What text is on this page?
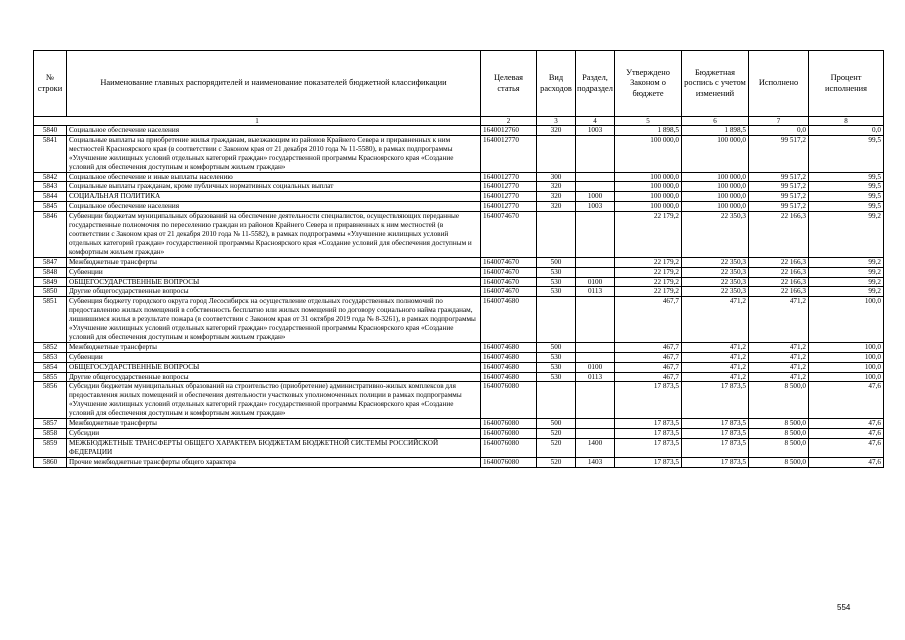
№ строки	Наименование главных распорядителей и наименование показателей бюджетной классификации	Целевая статья	Вид расходов	Раздел, подраздел	Утверждено Законом о бюджете	Бюджетная роспись с учетом изменений	Исполнено	Процент исполнения
1		2	3	4	5	6	7	8
5840	Социальное обеспечение населения	1640012760	320	1003	1 898,5	1 898,5	0,0	0,0
5841	Социальные выплаты на приобретение жилья гражданам, выезжающим из районов Крайнего Севера и приравненных к ним местностей Красноярского края (в соответствии с Законом края от 21 декабря 2010 года № 11-5580), в рамках подпрограммы «Улучшение жилищных условий отдельных категорий граждан» государственной программы Красноярского края «Создание условий для обеспечения доступным и комфортным жильем граждан»	1640012770			100 000,0	100 000,0	99 517,2	99,5
5842	Социальное обеспечение и иные выплаты населению	1640012770	300		100 000,0	100 000,0	99 517,2	99,5
5843	Социальные выплаты гражданам, кроме публичных нормативных социальных выплат	1640012770	320		100 000,0	100 000,0	99 517,2	99,5
5844	СОЦИАЛЬНАЯ ПОЛИТИКА	1640012770	320	1000	100 000,0	100 000,0	99 517,2	99,5
5845	Социальное обеспечение населения	1640012770	320	1003	100 000,0	100 000,0	99 517,2	99,5
5846	Субвенции бюджетам муниципальных образований на обеспечение деятельности специалистов, осуществляющих переданные государственные полномочия по переселению граждан из районов Крайнего Севера и приравненных к ним местностей (в соответствии с Законом края от 21 декабря 2010 года № 11-5582), в рамках подпрограммы «Улучшение жилищных условий отдельных категорий граждан» государственной программы Красноярского края «Создание условий для обеспечения доступным и комфортным жильем граждан»	1640074670			22 179,2	22 350,3	22 166,3	99,2
5847	Межбюджетные трансферты	1640074670	500		22 179,2	22 350,3	22 166,3	99,2
5848	Субвенции	1640074670	530		22 179,2	22 350,3	22 166,3	99,2
5849	ОБЩЕГОСУДАРСТВЕННЫЕ ВОПРОСЫ	1640074670	530	0100	22 179,2	22 350,3	22 166,3	99,2
5850	Другие общегосударственные вопросы	1640074670	530	0113	22 179,2	22 350,3	22 166,3	99,2
5851	Субвенция бюджету городского округа город Лесосибирск на осуществление отдельных государственных полномочий по предоставлению жилых помещений в собственность бесплатно или жилых помещений по договору социального найма гражданам, лишившимся жилья в результате пожара (в соответствии с Законом края от 31 октября 2019 года № 8-3261), в рамках подпрограммы «Улучшение жилищных условий отдельных категорий граждан» государственной программы Красноярского края «Создание условий для обеспечения доступным и комфортным жильем граждан»	1640074680			467,7	471,2	471,2	100,0
5852	Межбюджетные трансферты	1640074680	500		467,7	471,2	471,2	100,0
5853	Субвенции	1640074680	530		467,7	471,2	471,2	100,0
5854	ОБЩЕГОСУДАРСТВЕННЫЕ ВОПРОСЫ	1640074680	530	0100	467,7	471,2	471,2	100,0
5855	Другие общегосударственные вопросы	1640074680	530	0113	467,7	471,2	471,2	100,0
5856	Субсидии бюджетам муниципальных образований на строительство (приобретение) административно-жилых комплексов для предоставления жилых помещений и обеспечения деятельности участковых уполномоченных полиции в рамках подпрограммы «Улучшение жилищных условий отдельных категорий граждан» государственной программы Красноярского края «Создание условий для обеспечения доступным и комфортным жильем граждан»	1640076080			17 873,5	17 873,5	8 500,0	47,6
5857	Межбюджетные трансферты	1640076080	500		17 873,5	17 873,5	8 500,0	47,6
5858	Субсидии	1640076080	520		17 873,5	17 873,5	8 500,0	47,6
5859	МЕЖБЮДЖЕТНЫЕ ТРАНСФЕРТЫ ОБЩЕГО ХАРАКТЕРА БЮДЖЕТАМ БЮДЖЕТНОЙ СИСТЕМЫ РОССИЙСКОЙ ФЕДЕРАЦИИ	1640076080	520	1400	17 873,5	17 873,5	8 500,0	47,6
5860	Прочие межбюджетные трансферты общего характера	1640076080	520	1403	17 873,5	17 873,5	8 500,0	47,6
554
